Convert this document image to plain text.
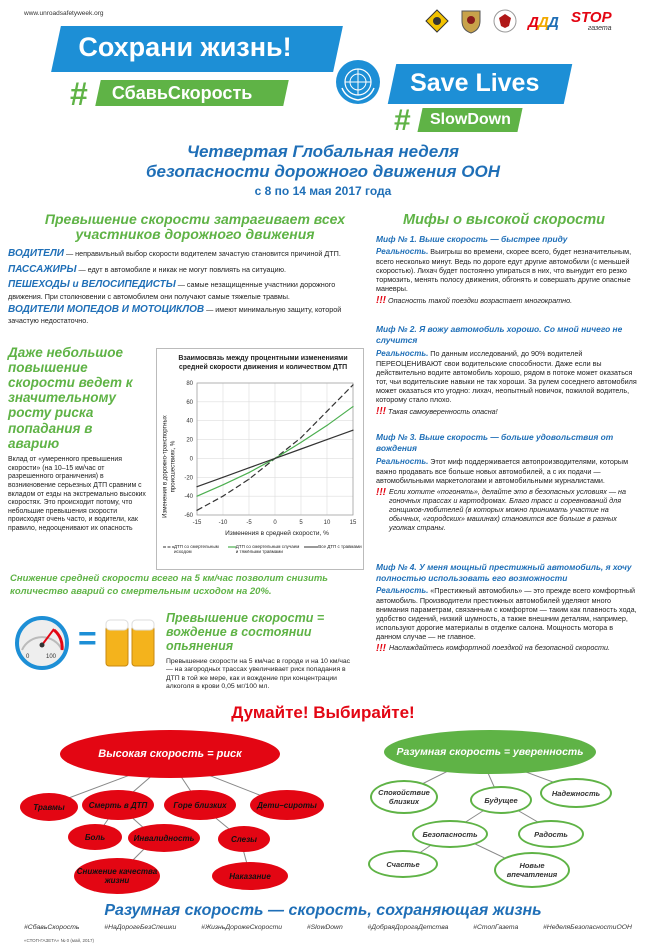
www.unroadsafetyweek.org
Д Д Д STOP
газета
Сохрани жизнь!
#	СбавьСкорость	Save Lives
#	SlowDown
Четвертая Глобальная неделя
безопасности дорожного движения ООН
с 8 по 14 мая 2017 года
Превышение скорости затрагивает всех участников дорожного движения
ВОДИТЕЛИ — неправильный выбор скорости водителем зачастую становится причиной ДТП.
ПАССАЖИРЫ — едут в автомобиле и никак не могут повлиять на ситуацию.
ПЕШЕХОДЫ и ВЕЛОСИПЕДИСТЫ — самые незащищенные участники дорожного движения. При столкновении с автомобилем они получают самые тяжелые травмы.
ВОДИТЕЛИ МОПЕДОВ И МОТОЦИКЛОВ — имеют минимальную защиту, которой зачастую недостаточно.
Даже небольшое повышение скорости ведет к значительному росту риска попадания в аварию
Вклад от «умеренного превышения скорости» (на 10–15 км/час от разрешенного ограничения) в возникновение серьезных ДТП сравним с вкладом от езды на экстремально высоких скоростях. Это происходит потому, что небольшие превышения скорости происходят очень часто, и водители, как правило, недооценивают их опасность
Взаимосвязь между процентными изменениями средней скорости движения и количеством ДТП
-60
-40
-20
0
20
40
60
80
-15	-10	-5	0	5	10	15
Изменения в средней скорости, %
Изменения в дорожно-транспортных происшествиях, %
ДТП со смертельным исходом
ДТП со смертельным случаем и тяжёлыми травмами
Все ДТП с травмами
Снижение средней скорости всего на 5 км/час позволит снизить количество аварий со смертельным исходом на 20%.
0	100
=
Превышение скорости = вождение в состоянии опьянения
Превышение скорости на 5 км/час в городе и на 10 км/час — на загородных трассах увеличивает риск попадания в ДТП в той же мере, как и вождение при концентрации алкоголя в крови 0,05 мг/100 мл.
Мифы о высокой скорости
Миф № 1. Выше скорость — быстрее приду
Реальность. Выигрыш во времени, скорее всего, будет незначительным, всего несколько минут. Ведь по дороге едут другие автомобили (с меньшей скоростью). Лихач будет постоянно упираться в них, что вынудит его резко тормозить, менять полосу движения, обгонять и совершать другие опасные маневры.
!!! Опасность такой поездки возрастает многократно.
Миф № 2. Я вожу автомобиль хорошо. Со мной ничего не случится
Реальность. По данным исследований, до 90% водителей ПЕРЕОЦЕНИВАЮТ свои водительские способности. Даже если вы действительно водите автомобиль хорошо, рядом в потоке может оказаться тот, чьи водительские навыки не так хороши. За рулем соседнего автомобиля может оказаться кто угодно: лихач, неопытный новичок, пожилой водитель, которому стало плохо.
!!! Такая самоуверенность опасна!
Миф № 3. Выше скорость — больше удовольствия от вождения
Реальность. Этот миф поддерживается автопроизводителями, которым важно продавать все больше новых автомобилей, а с их подачи — автомобильными маркетологами и автомобильными журналистами.
!!! Если хотите «погонять», делайте это в безопасных условиях — на гоночных трассах и картодромах. Благо трасс и соревнований для гонщиков-любителей (в которых можно принимать участие на обычных, «городских» машинах) становится все больше в разных уголках страны.
Миф № 4. У меня мощный престижный автомобиль, я хочу полностью использовать его возможности
Реальность. «Престижный автомобиль» — это прежде всего комфортный автомобиль. Производители престижных автомобилей уделяют много внимания параметрам, связанным с комфортом — таким как плавность хода, удобство сидений, низкий шумность, а также внешним деталям, например, используют дорогие материалы в отделке салона. Мощность мотора в данном случае — не главное.
!!! Наслаждайтесь комфортной поездкой на безопасной скорости.
Думайте! Выбирайте!
Высокая скорость = риск
Травмы	Смерть в ДТП	Горе близких	Дети–сироты
Боль	Инвалидность	Слезы
Снижение качества жизни	Наказание
Разумная скорость = уверенность
Спокойствие близких	Будущее
Надежность
Безопасность	Радость
Счастье	Новые впечатления
Разумная скорость — скорость, сохраняющая жизнь
#СбавьСкорость	#НаДорогеБезСпешки	#ЖизньДорожеСкорости	#SlowDown	#ДобраяДорогаДетства	#СтопГазета	#НеделяБезопасностиООН
«СТОП-ГАЗЕТА» № 0 (май, 2017)
